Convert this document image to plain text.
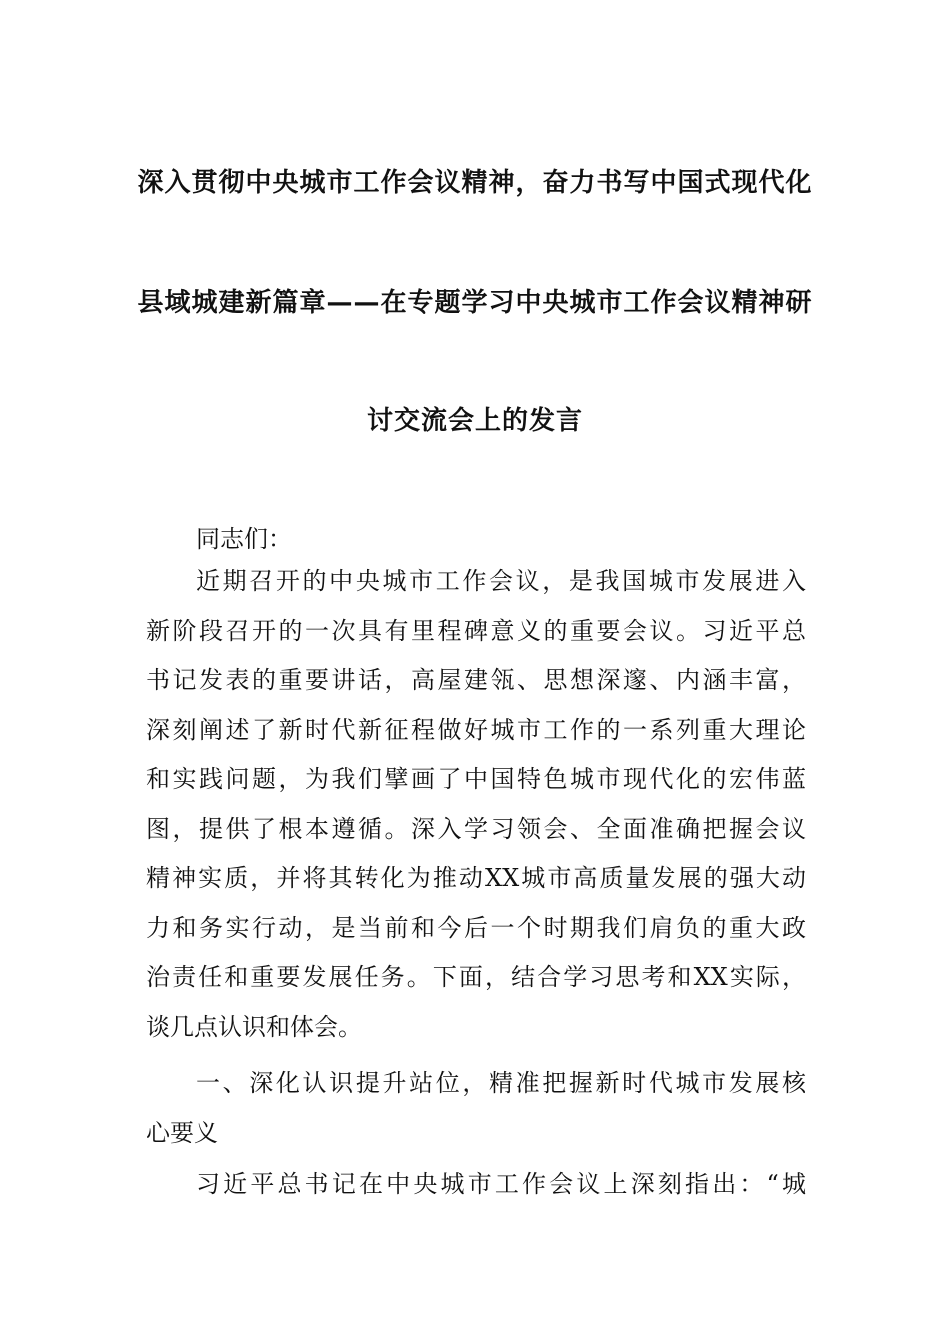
深入贯彻中央城市工作会议精神，奋力书写中国式现代化
县域城建新篇章——在专题学习中央城市工作会议精神研
讨交流会上的发言
同志们：
近期召开的中央城市工作会议，是我国城市发展进入
新阶段召开的一次具有里程碑意义的重要会议。习近平总
书记发表的重要讲话，高屋建瓴、思想深邃、内涵丰富，
深刻阐述了新时代新征程做好城市工作的一系列重大理论
和实践问题，为我们擘画了中国特色城市现代化的宏伟蓝
图，提供了根本遵循。深入学习领会、全面准确把握会议
精神实质，并将其转化为推动XX城市高质量发展的强大动
力和务实行动，是当前和今后一个时期我们肩负的重大政
治责任和重要发展任务。下面，结合学习思考和XX实际，
谈几点认识和体会。
一、深化认识提升站位，精准把握新时代城市发展核
心要义
习近平总书记在中央城市工作会议上深刻指出：“城
